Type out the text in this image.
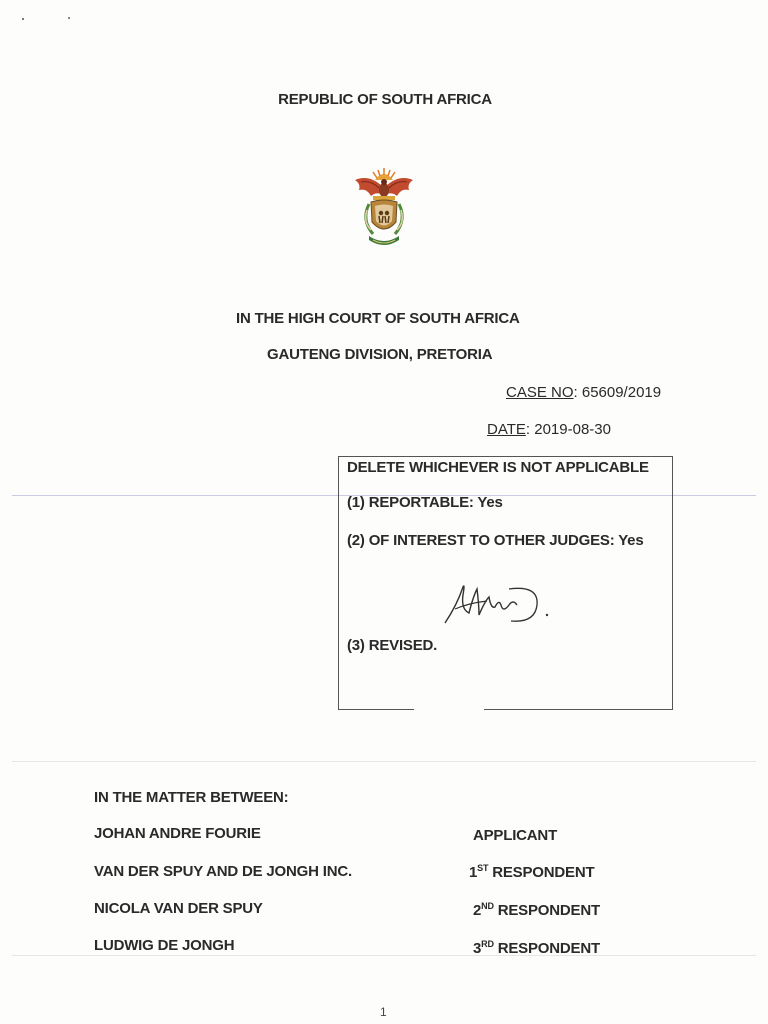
REPUBLIC OF SOUTH AFRICA
IN THE HIGH COURT OF SOUTH AFRICA
GAUTENG DIVISION, PRETORIA
CASE NO: 65609/2019
DATE: 2019-08-30
DELETE WHICHEVER IS NOT APPLICABLE
(1) REPORTABLE: Yes
(2) OF INTEREST TO OTHER JUDGES: Yes
(3) REVISED.
IN THE MATTER BETWEEN:
JOHAN ANDRE FOURIE	APPLICANT
VAN DER SPUY AND DE JONGH INC.	1ST RESPONDENT
NICOLA VAN DER SPUY	2ND RESPONDENT
LUDWIG DE JONGH	3RD RESPONDENT
1
